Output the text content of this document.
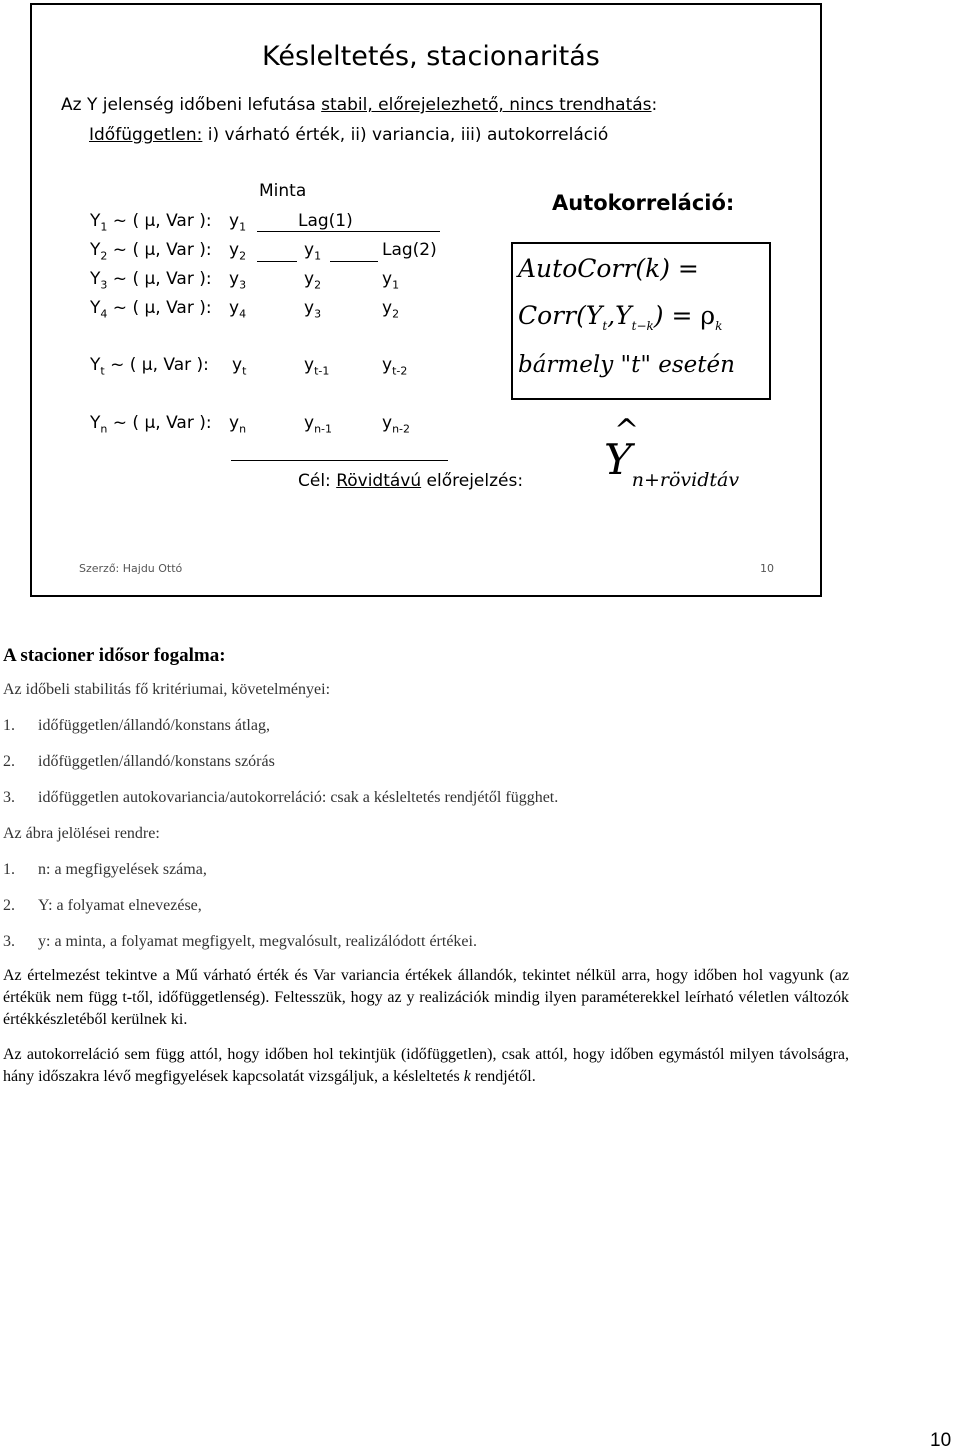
Késleltetés, stacionaritás
Az Y jelenség időbeni lefutása stabil, előrejelezhető, nincs trendhatás:
Időfüggetlen: i) várható érték, ii) variancia, iii) autokorreláció
Minta	Autokorreláció:
$Y_1$ ~ ( μ, Var ): $y_1$	Lag(1)
$Y_2$ ~ ( μ, Var ): $y_2$	$y_1$	Lag(2)
$Y_3$ ~ ( μ, Var ): $y_3$	$y_2$	$y_1$
$Y_4$ ~ ( μ, Var ): $y_4$	$y_3$	$y_2$
$Y_t$ ~ ( μ, Var ): $y_t$	$y_{t-1}$	$y_{t-2}$
$Y_n$ ~ ( μ, Var ): $y_n$	$y_{n-1}$	$y_{n-2}$
AutoCorr(k) =
$Corr(Y_t,Y_{t-k}) = \rho_k$
bármely "t" esetén
Cél: Rövidtávú előrejelzés: Y
^
n+rövidtáv
Szerző: Hajdu Ottó	10
A stacioner idősor fogalma:

Az időbeli stabilitás fő kritériumai, követelményei:

1. időfüggetlen/állandó/konstans átlag,

2. időfüggetlen/állandó/konstans szórás

3. időfüggetlen autokovariancia/autokorreláció: csak a késleltetés rendjétől függhet.

Az ábra jelölései rendre:

1. n: a megfigyelések száma,

2. Y: a folyamat elnevezése,

3. y: a minta, a folyamat megfigyelt, megvalósult, realizálódott értékei.

Az értelmezést tekintve a Mű várható érték és Var variancia értékek állandók, tekintet nélkül arra, hogy időben hol vagyunk (az értékük nem függ t-től, időfüggetlenség). Feltesszük, hogy az y realizációk mindig ilyen paraméterekkel leírható véletlen változók értékkészletéből kerülnek ki.

Az autokorreláció sem függ attól, hogy időben hol tekintjük (időfüggetlen), csak attól, hogy időben egymástól milyen távolságra, hány időszakra lévő megfigyelések kapcsolatát vizsgáljuk, a késleltetés k rendjétől.

10
